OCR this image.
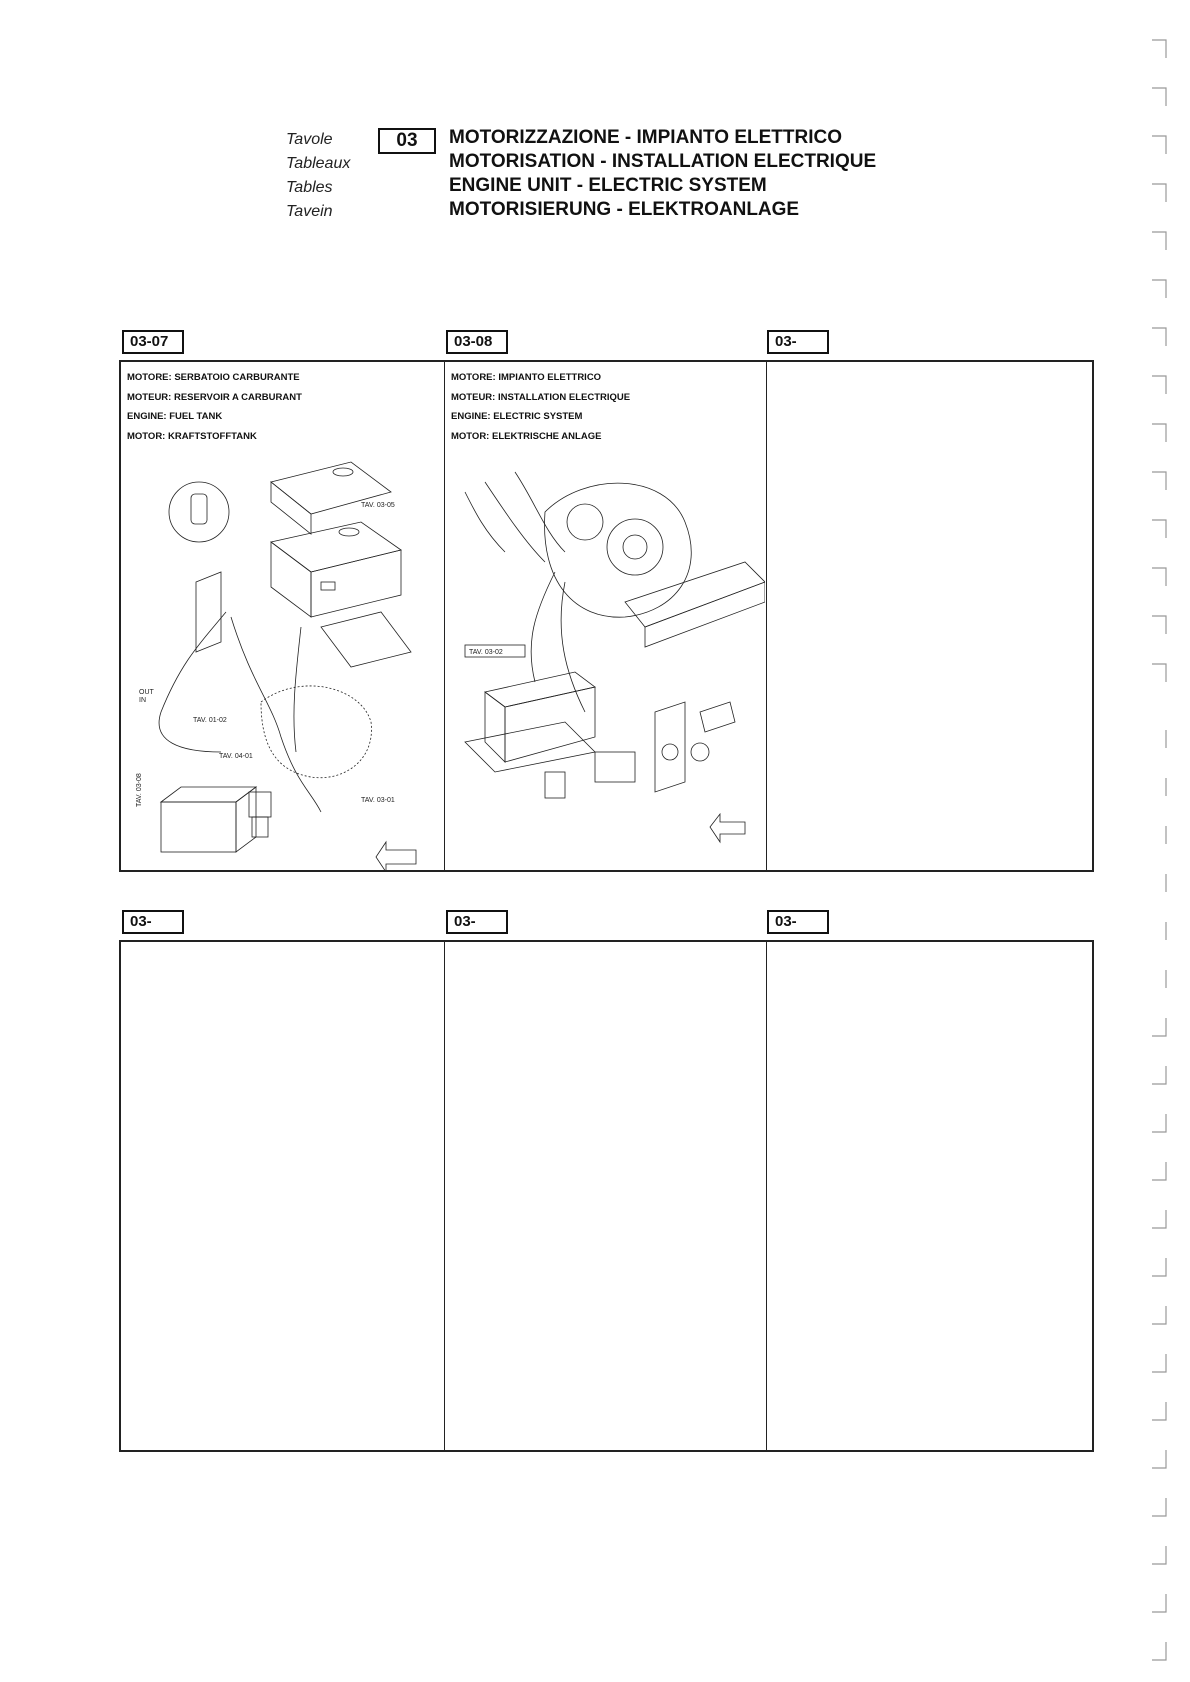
Tavole
Tableaux
Tables
Tavein
03	MOTORIZZAZIONE - IMPIANTO ELETTRICO
MOTORISATION - INSTALLATION ELECTRIQUE
ENGINE UNIT - ELECTRIC SYSTEM
MOTORISIERUNG - ELEKTROANLAGE
03-07	03-08	03-
MOTORE: SERBATOIO CARBURANTE
MOTEUR: RESERVOIR A CARBURANT
ENGINE: FUEL TANK
MOTOR: KRAFTSTOFFTANK
TAV. 03-05
TAV. 01-02
TAV. 04-01
TAV. 03-08	TAV. 03-01
OUT
IN
MOTORE: IMPIANTO ELETTRICO
MOTEUR: INSTALLATION ELECTRIQUE
ENGINE: ELECTRIC SYSTEM
MOTOR: ELEKTRISCHE ANLAGE
TAV. 03-02
03-	03-	03-
